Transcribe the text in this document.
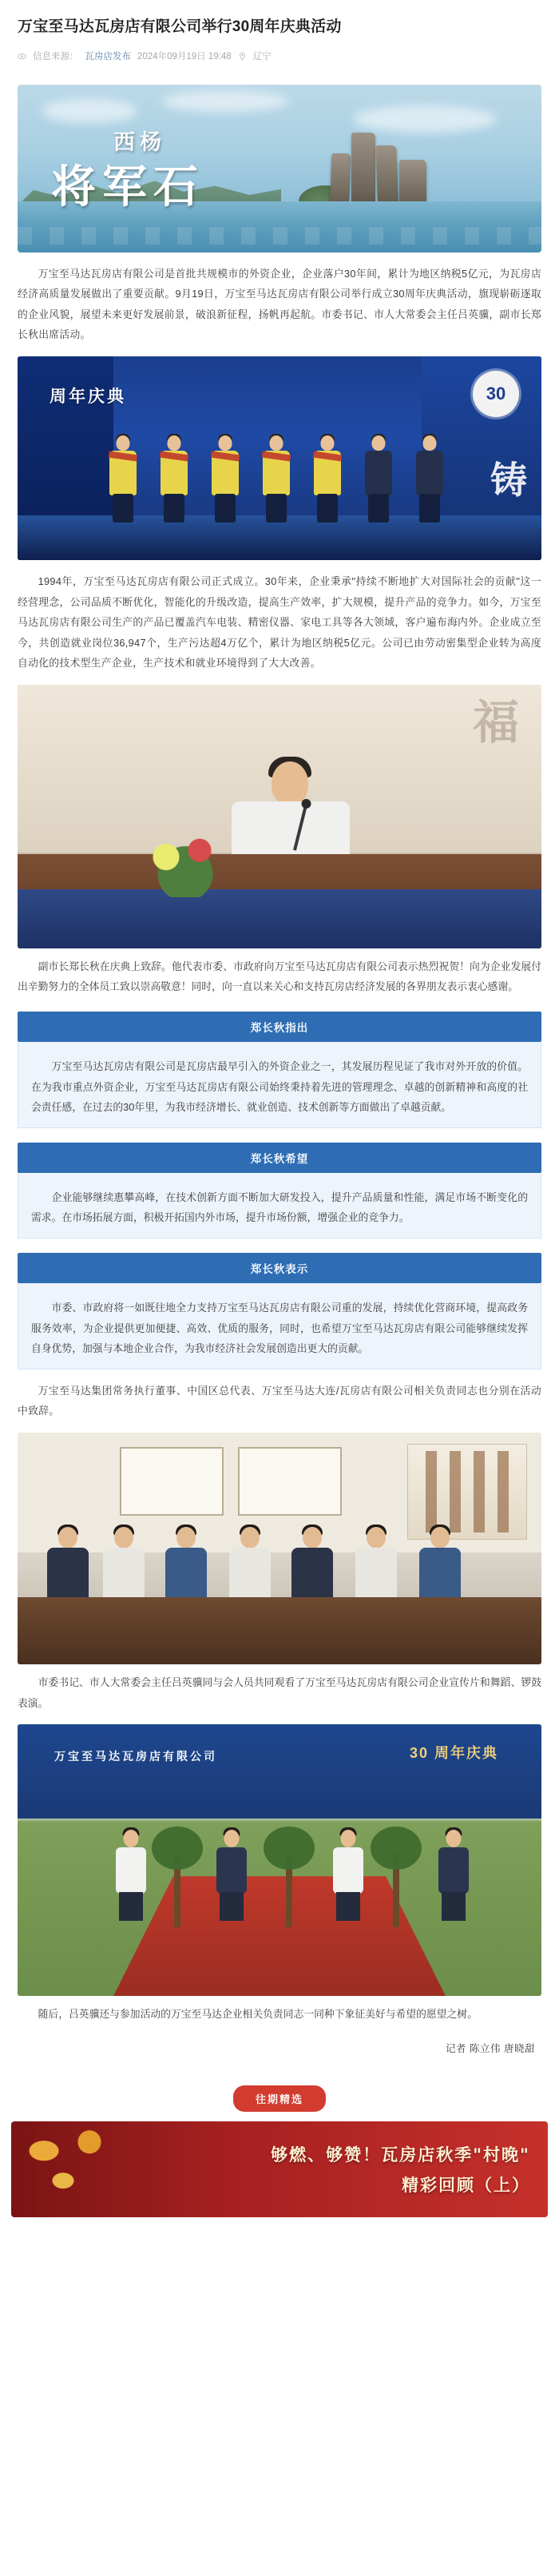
万宝至马达瓦房店有限公司举行30周年庆典活动
信息来源： 瓦房店发布 2024年09月19日 19:48 辽宁
西杨
将军石

万宝至马达瓦房店有限公司是首批共规模市的外资企业，企业落户30年间，累计为地区纳税5亿元，为瓦房店经济高质量发展做出了重要贡献。9月19日，万宝至马达瓦房店有限公司举行成立30周年庆典活动，旗现崭砺逐取的企业风貌，展望未来更好发展前景，破浪新征程，扬帆再起航。市委书记、市人大常委会主任吕英骥，副市长郑长秋出席活动。

周年庆典	30
铸

1994年，万宝至马达瓦房店有限公司正式成立。30年来，企业秉承"持续不断地扩大对国际社会的贡献"这一经营理念，公司品质不断优化，智能化的升级改造，提高生产效率，扩大规模，提升产品的竞争力。如今，万宝至马达瓦房店有限公司生产的产品已覆盖汽车电装、精密仪器、家电工具等各大领域，客户遍布海内外。企业成立至今，共创造就业岗位36,947个，生产污达超4万亿个，累计为地区纳税5亿元。公司已由劳动密集型企业转为高度自动化的技术型生产企业，生产技术和就业环境得到了大大改善。

福
副市长郑长秋在庆典上致辞。他代表市委、市政府向万宝至马达瓦房店有限公司表示热烈祝贺！向为企业发展付出辛勤努力的全体员工致以崇高敬意！同时，向一直以来关心和支持瓦房店经济发展的各界朋友表示衷心感谢。
郑长秋指出

万宝至马达瓦房店有限公司是瓦房店最早引入的外资企业之一，其发展历程见证了我市对外开放的价值。在为我市重点外资企业，万宝至马达瓦房店有限公司始终秉持着先进的管理理念、卓越的创新精神和高度的社会责任感，在过去的30年里，为我市经济增长、就业创造、技术创新等方面做出了卓越贡献。

郑长秋希望

企业能够继续惠攀高峰，在技术创新方面不断加大研发投入，提升产品质量和性能，满足市场不断变化的需求。在市场拓展方面，积极开拓国内外市场，提升市场份额，增强企业的竞争力。

郑长秋表示

市委、市政府将一如既往地全力支持万宝至马达瓦房店有限公司重的发展，持续优化营商环境，提高政务服务效率，为企业提供更加便捷、高效、优质的服务，同时，也希望万宝至马达瓦房店有限公司能够继续发挥自身优势，加强与本地企业合作，为我市经济社会发展创造出更大的贡献。

万宝至马达集团常务执行董事、中国区总代表、万宝至马达大连/瓦房店有限公司相关负责同志也分别在活动中致辞。

市委书记、市人大常委会主任吕英骥同与会人员共同观看了万宝至马达瓦房店有限公司企业宣传片和舞蹈、锣鼓表演。
万宝至马达瓦房店有限公司	30 周年庆典
随后，吕英骥还与参加活动的万宝至马达企业相关负责同志一同种下象征美好与希望的愿望之树。
记者 陈立伟 唐晓甜
往期精选
够燃、够赞！瓦房店秋季"村晚"
精彩回顾（上）
